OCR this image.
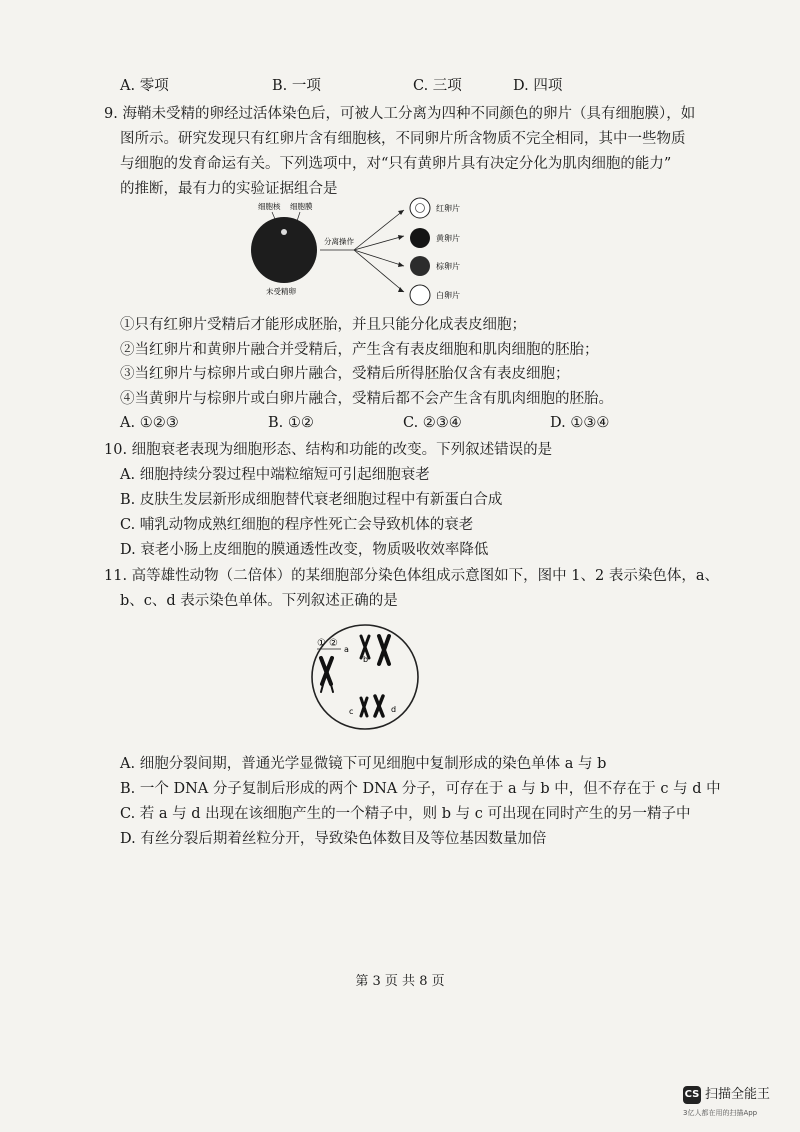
A. 零项	B. 一项	C. 三项	D. 四项
9. 海鞘未受精的卵经过活体染色后，可被人工分离为四种不同颜色的卵片（具有细胞膜），如
图所示。研究发现只有红卵片含有细胞核，不同卵片所含物质不完全相同，其中一些物质
与细胞的发育命运有关。下列选项中，对“只有黄卵片具有决定分化为肌肉细胞的能力”
的推断，最有力的实验证据组合是
细胞核 细胞膜
未受精卵
分离操作
红卵片
黄卵片
棕卵片
白卵片
①只有红卵片受精后才能形成胚胎，并且只能分化成表皮细胞；
②当红卵片和黄卵片融合并受精后，产生含有表皮细胞和肌肉细胞的胚胎；
③当红卵片与棕卵片或白卵片融合，受精后所得胚胎仅含有表皮细胞；
④当黄卵片与棕卵片或白卵片融合，受精后都不会产生含有肌肉细胞的胚胎。
A. ①②③	B. ①②	C. ②③④	D. ①③④
10. 细胞衰老表现为细胞形态、结构和功能的改变。下列叙述错误的是
A. 细胞持续分裂过程中端粒缩短可引起细胞衰老
B. 皮肤生发层新形成细胞替代衰老细胞过程中有新蛋白合成
C. 哺乳动物成熟红细胞的程序性死亡会导致机体的衰老
D. 衰老小肠上皮细胞的膜通透性改变，物质吸收效率降低
11. 高等雄性动物（二倍体）的某细胞部分染色体组成示意图如下，图中 1、2 表示染色体，a、
b、c、d 表示染色单体。下列叙述正确的是
① ②
a
b
c	d
A. 细胞分裂间期，普通光学显微镜下可见细胞中复制形成的染色单体 a 与 b
B. 一个 DNA 分子复制后形成的两个 DNA 分子，可存在于 a 与 b 中，但不存在于 c 与 d 中
C. 若 a 与 d 出现在该细胞产生的一个精子中，则 b 与 c 可出现在同时产生的另一精子中
D. 有丝分裂后期着丝粒分开，导致染色体数目及等位基因数量加倍
第 3 页 共 8 页
CS 扫描全能王
3亿人都在用的扫描App
